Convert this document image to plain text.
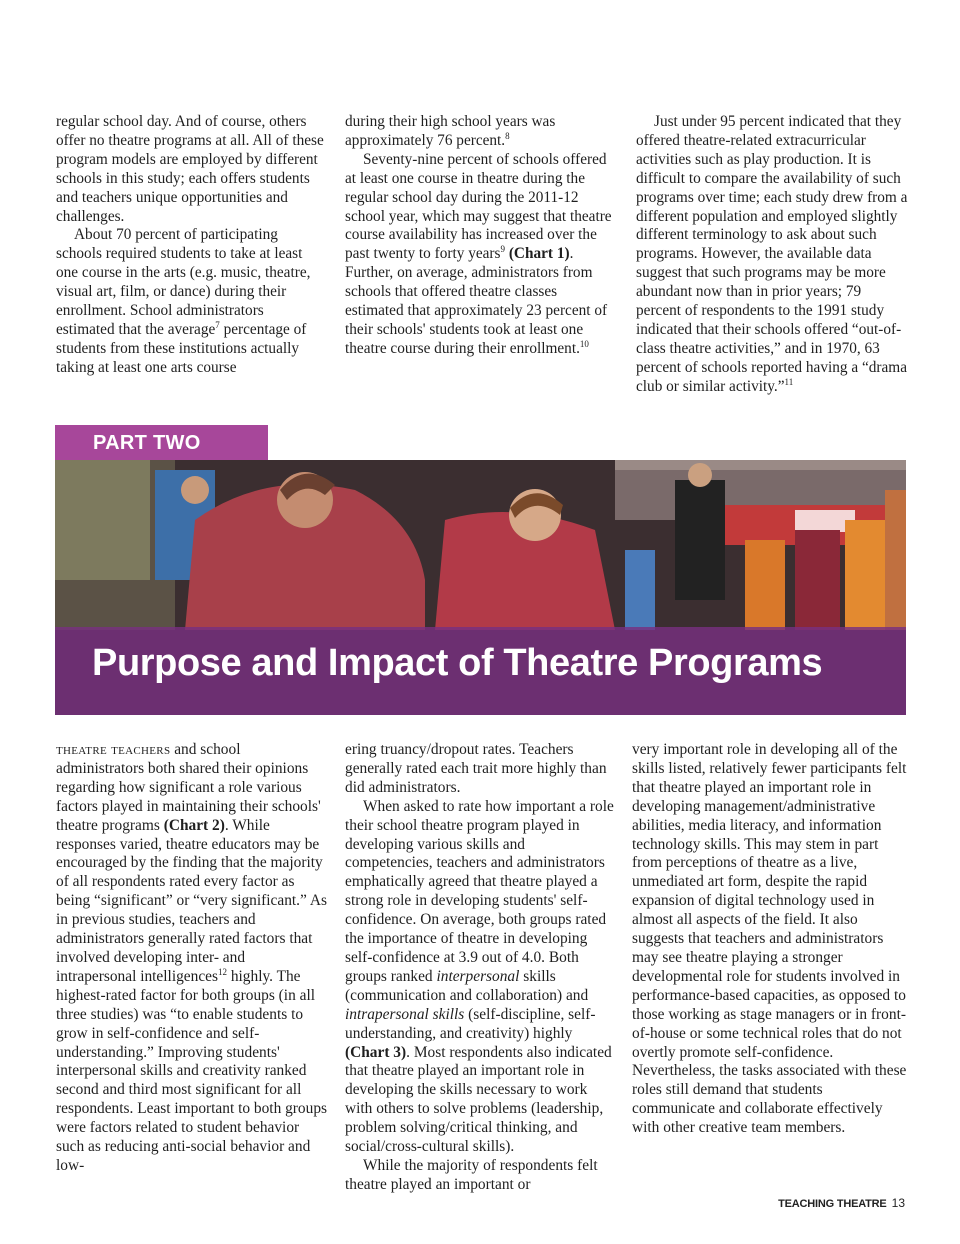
regular school day. And of course, others offer no theatre programs at all. All of these program models are employed by different schools in this study; each offers students and teachers unique opportunities and challenges.

About 70 percent of participating schools required students to take at least one course in the arts (e.g. music, theatre, visual art, film, or dance) during their enrollment. School administrators estimated that the average$^7$ percentage of students from these institutions actually taking at least one arts course

during their high school years was approximately 76 percent.$^8$

Seventy-nine percent of schools offered at least one course in theatre during the regular school day during the 2011-12 school year, which may suggest that theatre course availability has increased over the past twenty to forty years$^9$ (Chart 1). Further, on average, administrators from schools that offered theatre classes estimated that approximately 23 percent of their schools' students took at least one theatre course during their enrollment.$^{10}$

Just under 95 percent indicated that they offered theatre-related extracurricular activities such as play production. It is difficult to compare the availability of such programs over time; each study drew from a different population and employed slightly different terminology to ask about such programs. However, the available data suggest that such programs may be more abundant now than in prior years; 79 percent of respondents to the 1991 study indicated that their schools offered “out-of-class theatre activities,” and in 1970, 63 percent of schools reported having a “drama club or similar activity.”$^{11}$

PART TWO
Purpose and Impact of Theatre Programs

theatre teachers and school administrators both shared their opinions regarding how significant a role various factors played in maintaining their schools' theatre programs (Chart 2). While responses varied, theatre educators may be encouraged by the finding that the majority of all respondents rated every factor as being “significant” or “very significant.” As in previous studies, teachers and administrators generally rated factors that involved developing inter- and intrapersonal intelligences$^{12}$ highly. The highest-rated factor for both groups (in all three studies) was “to enable students to grow in self-confidence and self-understanding.” Improving students' interpersonal skills and creativity ranked second and third most significant for all respondents. Least important to both groups were factors related to student behavior such as reducing anti-social behavior and low-

ering truancy/dropout rates. Teachers generally rated each trait more highly than did administrators.

When asked to rate how important a role their school theatre program played in developing various skills and competencies, teachers and administrators emphatically agreed that theatre played a strong role in developing students' self-confidence. On average, both groups rated the importance of theatre in developing self-confidence at 3.9 out of 4.0. Both groups ranked interpersonal skills (communication and collaboration) and intrapersonal skills (self-discipline, self-understanding, and creativity) highly (Chart 3). Most respondents also indicated that theatre played an important role in developing the skills necessary to work with others to solve problems (leadership, problem solving/critical thinking, and social/cross-cultural skills).

While the majority of respondents felt theatre played an important or

very important role in developing all of the skills listed, relatively fewer participants felt that theatre played an important role in developing management/administrative abilities, media literacy, and information technology skills. This may stem in part from perceptions of theatre as a live, unmediated art form, despite the rapid expansion of digital technology used in almost all aspects of the field. It also suggests that teachers and administrators may see theatre playing a stronger developmental role for students involved in performance-based capacities, as opposed to those working as stage managers or in front-of-house or some technical roles that do not overtly promote self-confidence. Nevertheless, the tasks associated with these roles still demand that students communicate and collaborate effectively with other creative team members.

TEACHING THEATRE 13
